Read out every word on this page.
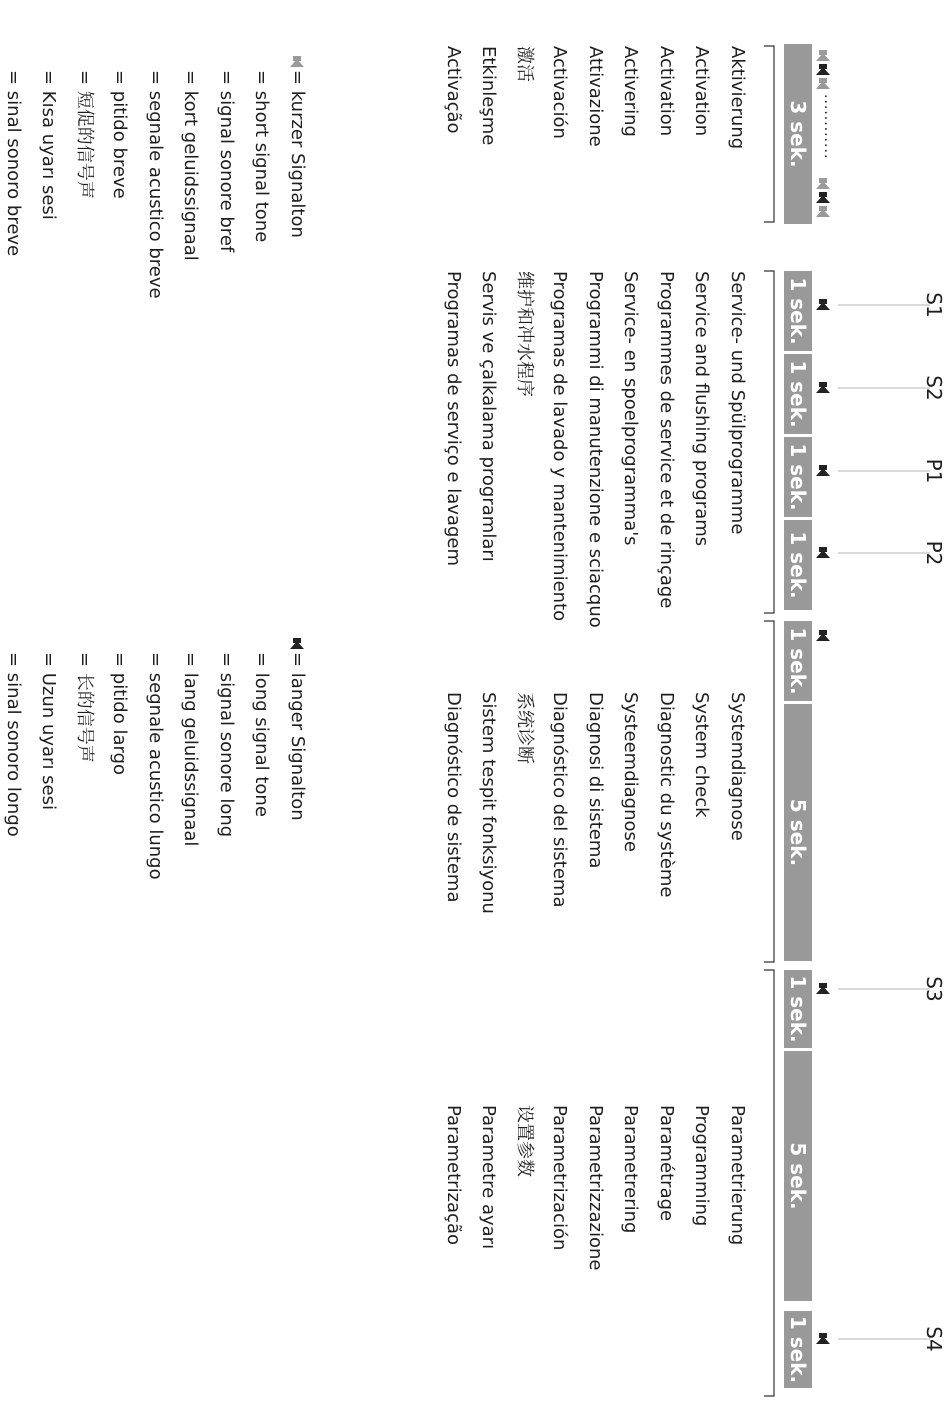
S1
S2
P1
P2
S3
S4
............
3 sek.
1 sek.
1 sek.
1 sek.
1 sek.
1 sek.
5 sek.
1 sek.
5 sek.
1 sek.
Aktivierung
Activation
Activation
Activering
Attivazione
Activación
激活
Etkinleşme
Activação
Service- und Spülprogramme
Service and flushing programs
Programmes de service et de rinçage
Service- en spoelprogramma's
Programmi di manutenzione e sciacquo
Programas de lavado y mantenimiento
维护和冲水程序
Servis ve çalkalama programları
Programas de serviço e lavagem
Systemdiagnose
System check
Diagnostic du système
Systeemdiagnose
Diagnosi di sistema
Diagnóstico del sistema
系统诊断
Sistem tespit fonksiyonu
Diagnóstico de sistema
Parametrierung
Programming
Paramétrage
Parametrering
Parametrizzazione
Parametrización
设置参数
Parametre ayarı
Parametrização
= kurzer Signalton
= short signal tone
= signal sonore bref
= kort geluidssignaal
= segnale acustico breve
= pitido breve
= 短促的信号声
= Kısa uyarı sesi
= sinal sonoro breve
= langer Signalton
= long signal tone
= signal sonore long
= lang geluidssignaal
= segnale acustico lungo
= pitido largo
= 长的信号声
= Uzun uyarı sesi
= sinal sonoro longo
